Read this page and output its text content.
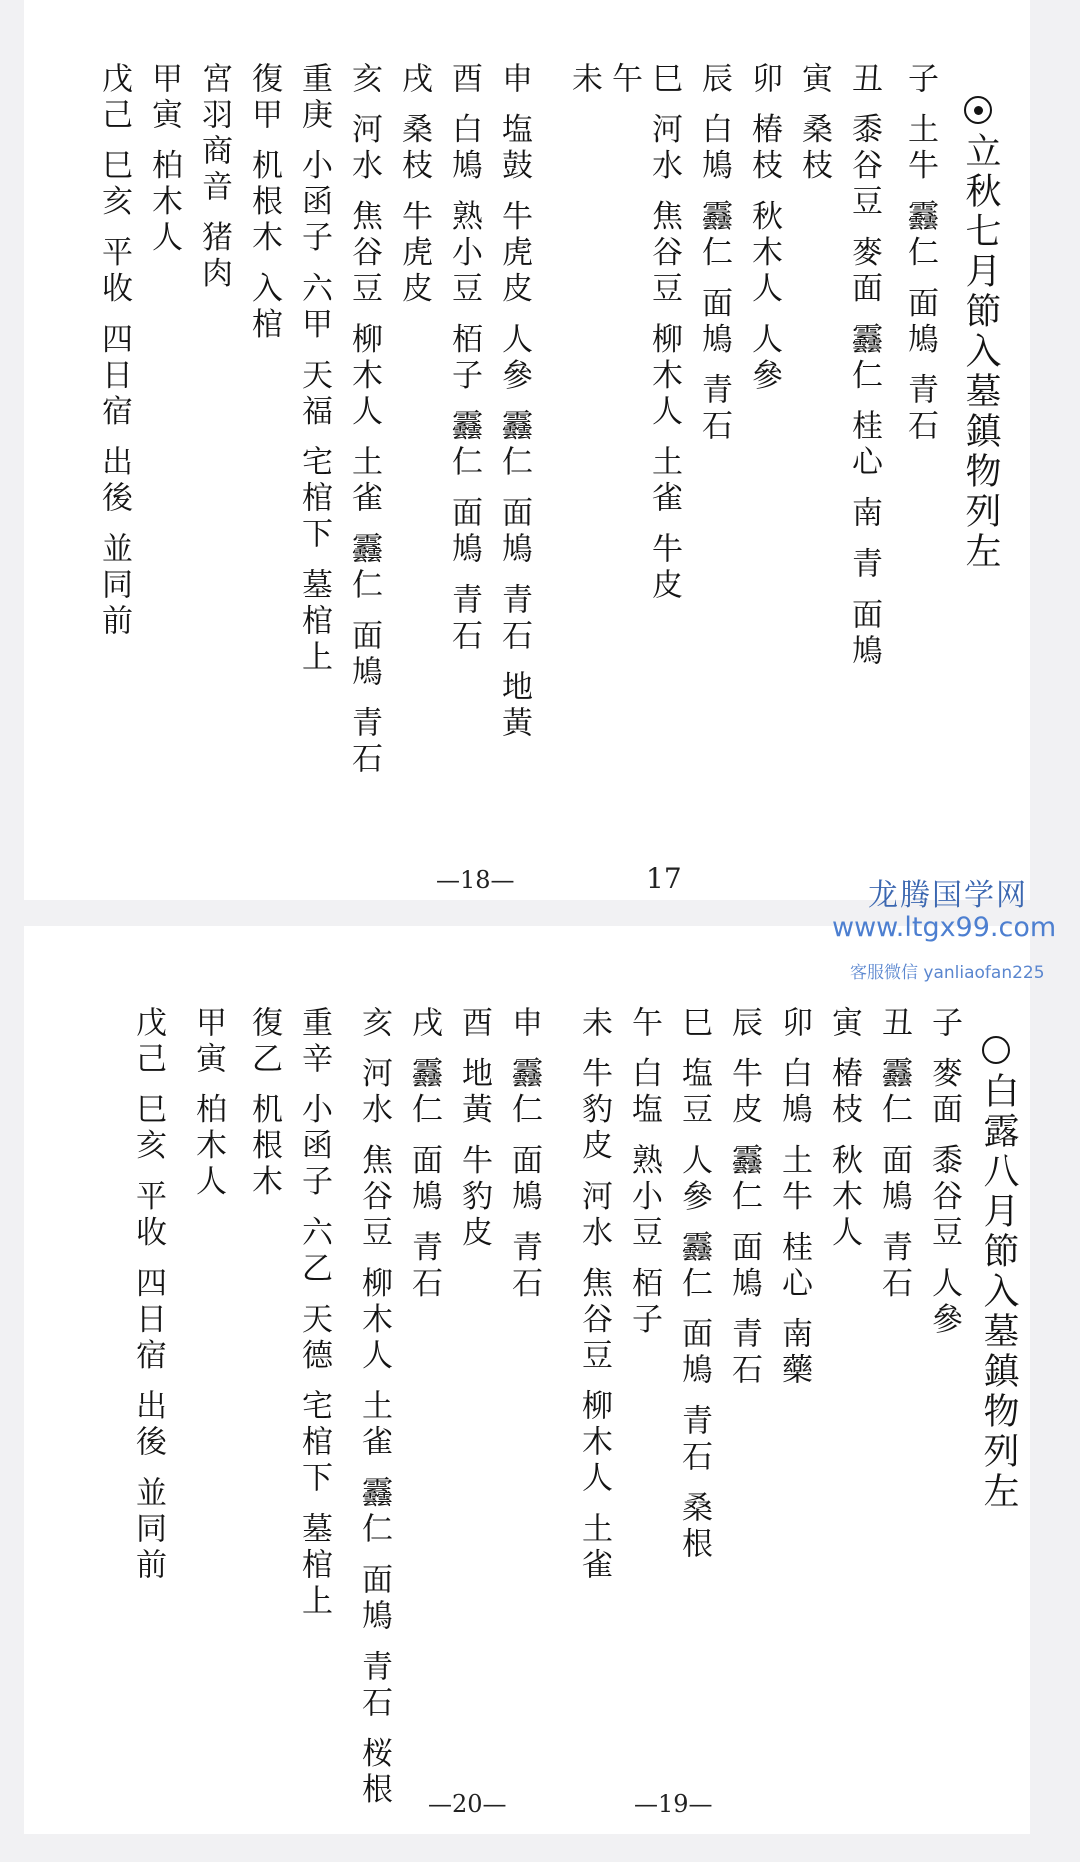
立秋七月節入墓鎮物列左
子 土牛 䨺仁 面鳩 青石
丑 黍谷豆 麥面 䨺仁 桂心 南 青 面鳩
寅 桑枝
卯 椿枝 秋木人 人參
辰 白鳩 䨺仁 面鳩 青石
巳 河水 焦谷豆 柳木人 土雀 牛皮
午
未
申 塩鼓 牛虎皮 人參 䨺仁 面鳩 青石 地黃
酉 白鳩 熟小豆 栢子 䨺仁 面鳩 青石
戌 桑枝 牛虎皮
亥 河水 焦谷豆 柳木人 土雀 䨺仁 面鳩 青石
重庚 小函子 六甲 天福 宅棺下 墓棺上
復甲 机根木 入棺
宮羽商音 猪肉
甲寅 柏木人
戊己 巳亥 平收 四日宿 出後 並同前
—18—	17
白露八月節入墓鎮物列左
子 麥面 黍谷豆 人參
丑 䨺仁 面鳩 青石
寅 椿枝 秋木人
卯 白鳩 土牛 桂心 南藥
辰 牛皮 䨺仁 面鳩 青石
巳 塩豆 人參 䨺仁 面鳩 青石 桑根
午 白塩 熟小豆 栢子
未 牛豹皮 河水 焦谷豆 柳木人 土雀
申 䨺仁 面鳩 青石
酉 地黃 牛豹皮
戌 䨺仁 面鳩 青石
亥 河水 焦谷豆 柳木人 土雀 䨺仁 面鳩 青石 桜根
重辛 小函子 六乙 天德 宅棺下 墓棺上
復乙 机根木
甲寅 柏木人
戊己 巳亥 平收 四日宿 出後 並同前
—20—	—19—
龙腾国学网
www.ltgx99.com
客服微信 yanliaofan225
